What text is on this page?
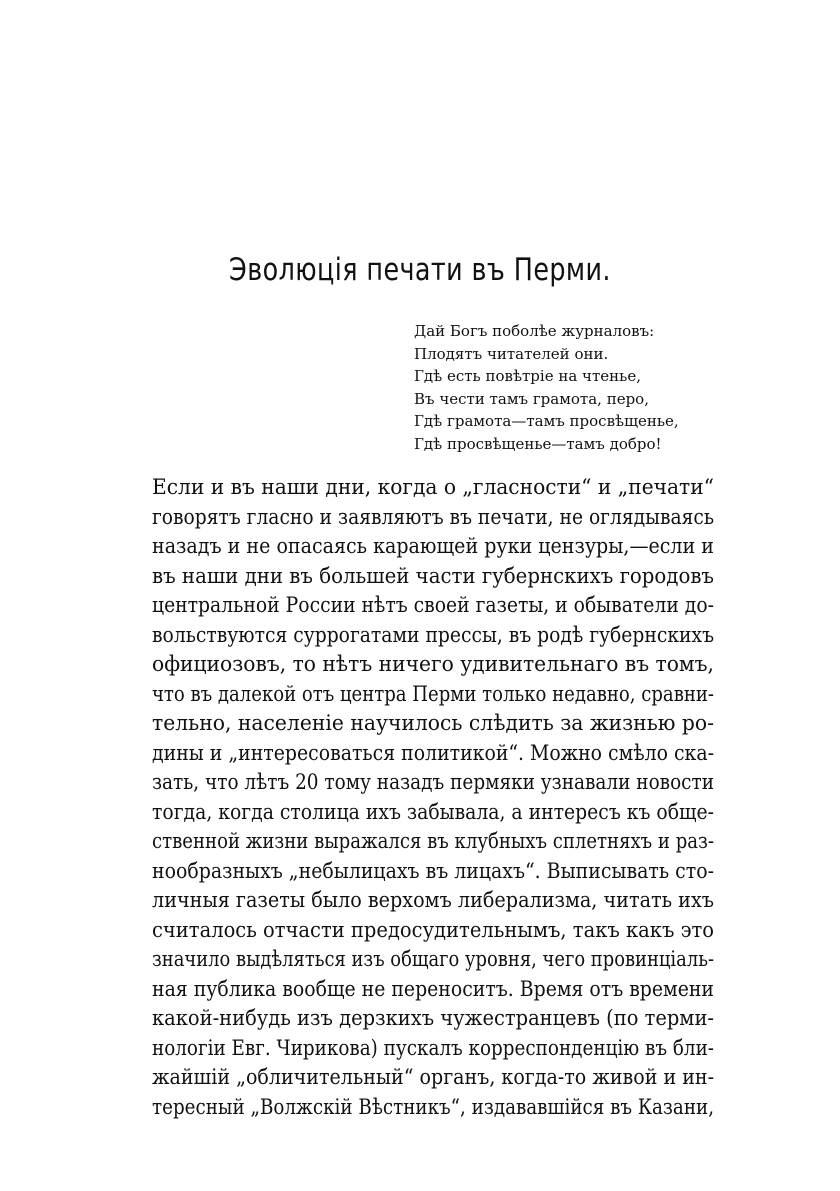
Эволюція печати въ Перми.
Дай Богъ поболѣе журналовъ:
Плодятъ читателей они.
Гдѣ есть повѣтріе на чтенье,
Въ чести тамъ грамота, перо,
Гдѣ грамота—тамъ просвѣщенье,
Гдѣ просвѣщенье—тамъ добро!
Если и въ наши дни, когда о „гласности“ и „печати“
говорятъ гласно и заявляютъ въ печати, не оглядываясь
назадъ и не опасаясь карающей руки цензуры,—если и
въ наши дни въ большей части губернскихъ городовъ
центральной России нѣтъ своей газеты, и обыватели до-
вольствуются суррогатами прессы, въ родѣ губернскихъ
официозовъ, то нѣтъ ничего удивительнаго въ томъ,
что въ далекой отъ центра Перми только недавно, сравни-
тельно, населеніе научилось слѣдить за жизнью ро-
дины и „интересоваться политикой“. Можно смѣло ска-
зать, что лѣтъ 20 тому назадъ пермяки узнавали новости
тогда, когда столица ихъ забывала, а интересъ къ обще-
ственной жизни выражался въ клубныхъ сплетняхъ и раз-
нообразныхъ „небылицахъ въ лицахъ“. Выписывать сто-
личныя газеты было верхомъ либерализма, читать ихъ
считалось отчасти предосудительнымъ, такъ какъ это
значило выдѣляться изъ общаго уровня, чего провинціаль-
ная публика вообще не переноситъ. Время отъ времени
какой-нибудь изъ дерзкихъ чужестранцевъ (по терми-
нологіи Евг. Чирикова) пускалъ корреспонденцію въ бли-
жайшій „обличительный“ органъ, когда-то живой и ин-
тересный „Волжскій Вѣстникъ“, издававшійся въ Казани,
